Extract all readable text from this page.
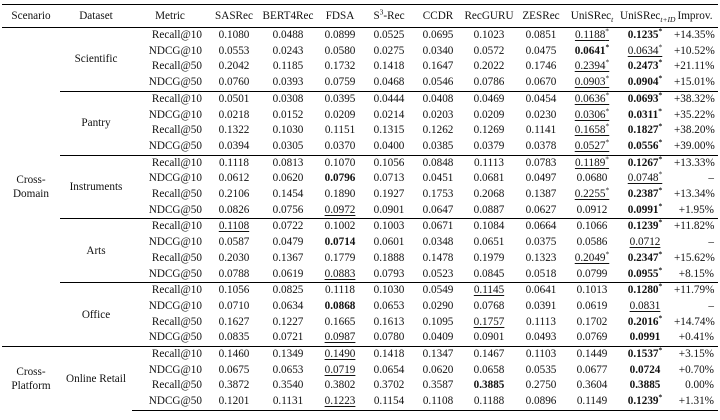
Scenario	Dataset	Metric	SASRec	BERT4Rec	FDSA	$S^3$-Rec	CCDR	RecGURU	ZESRec	UniSRec$_t$	UniSRec$_{t+ID}$	Improv.
Cross-Domain	Scientific	Recall@10	0.1080	0.0488	0.0899	0.0525	0.0695	0.1023	0.0851	0.1188*	0.1235*	+14.35%
		NDCG@10	0.0553	0.0243	0.0580	0.0275	0.0340	0.0572	0.0475	0.0641*	0.0634*	+10.52%
		Recall@50	0.2042	0.1185	0.1732	0.1418	0.1647	0.2022	0.1746	0.2394*	0.2473*	+21.11%
		NDCG@50	0.0760	0.0393	0.0759	0.0468	0.0546	0.0786	0.0670	0.0903*	0.0904*	+15.01%
	Pantry	Recall@10	0.0501	0.0308	0.0395	0.0444	0.0408	0.0469	0.0454	0.0636*	0.0693*	+38.32%
		NDCG@10	0.0218	0.0152	0.0209	0.0214	0.0203	0.0209	0.0230	0.0306*	0.0311*	+35.22%
		Recall@50	0.1322	0.1030	0.1151	0.1315	0.1262	0.1269	0.1141	0.1658*	0.1827*	+38.20%
		NDCG@50	0.0394	0.0305	0.0370	0.0400	0.0385	0.0379	0.0378	0.0527*	0.0556*	+39.00%
	Instruments	Recall@10	0.1118	0.0813	0.1070	0.1056	0.0848	0.1113	0.0783	0.1189*	0.1267*	+13.33%
		NDCG@10	0.0612	0.0620	0.0796	0.0713	0.0451	0.0681	0.0497	0.0680	0.0748*	–
		Recall@50	0.2106	0.1454	0.1890	0.1927	0.1753	0.2068	0.1387	0.2255*	0.2387*	+13.34%
		NDCG@50	0.0826	0.0756	0.0972	0.0901	0.0647	0.0887	0.0627	0.0912	0.0991*	+1.95%
	Arts	Recall@10	0.1108	0.0722	0.1002	0.1003	0.0671	0.1084	0.0664	0.1066	0.1239*	+11.82%
		NDCG@10	0.0587	0.0479	0.0714	0.0601	0.0348	0.0651	0.0375	0.0586	0.0712	–
		Recall@50	0.2030	0.1367	0.1779	0.1888	0.1478	0.1979	0.1323	0.2049*	0.2347*	+15.62%
		NDCG@50	0.0788	0.0619	0.0883	0.0793	0.0523	0.0845	0.0518	0.0799	0.0955*	+8.15%
	Office	Recall@10	0.1056	0.0825	0.1118	0.1030	0.0549	0.1145	0.0641	0.1013	0.1280*	+11.79%
		NDCG@10	0.0710	0.0634	0.0868	0.0653	0.0290	0.0768	0.0391	0.0619	0.0831	–
		Recall@50	0.1627	0.1227	0.1665	0.1613	0.1095	0.1757	0.1113	0.1702	0.2016*	+14.74%
		NDCG@50	0.0835	0.0721	0.0987	0.0780	0.0409	0.0901	0.0493	0.0769	0.0991	+0.41%
Cross-Platform	Online Retail	Recall@10	0.1460	0.1349	0.1490	0.1418	0.1347	0.1467	0.1103	0.1449	0.1537*	+3.15%
		NDCG@10	0.0675	0.0653	0.0719	0.0654	0.0620	0.0658	0.0535	0.0677	0.0724	+0.70%
		Recall@50	0.3872	0.3540	0.3802	0.3702	0.3587	0.3885	0.2750	0.3604	0.3885	0.00%
		NDCG@50	0.1201	0.1131	0.1223	0.1154	0.1108	0.1188	0.0896	0.1149	0.1239*	+1.31%
